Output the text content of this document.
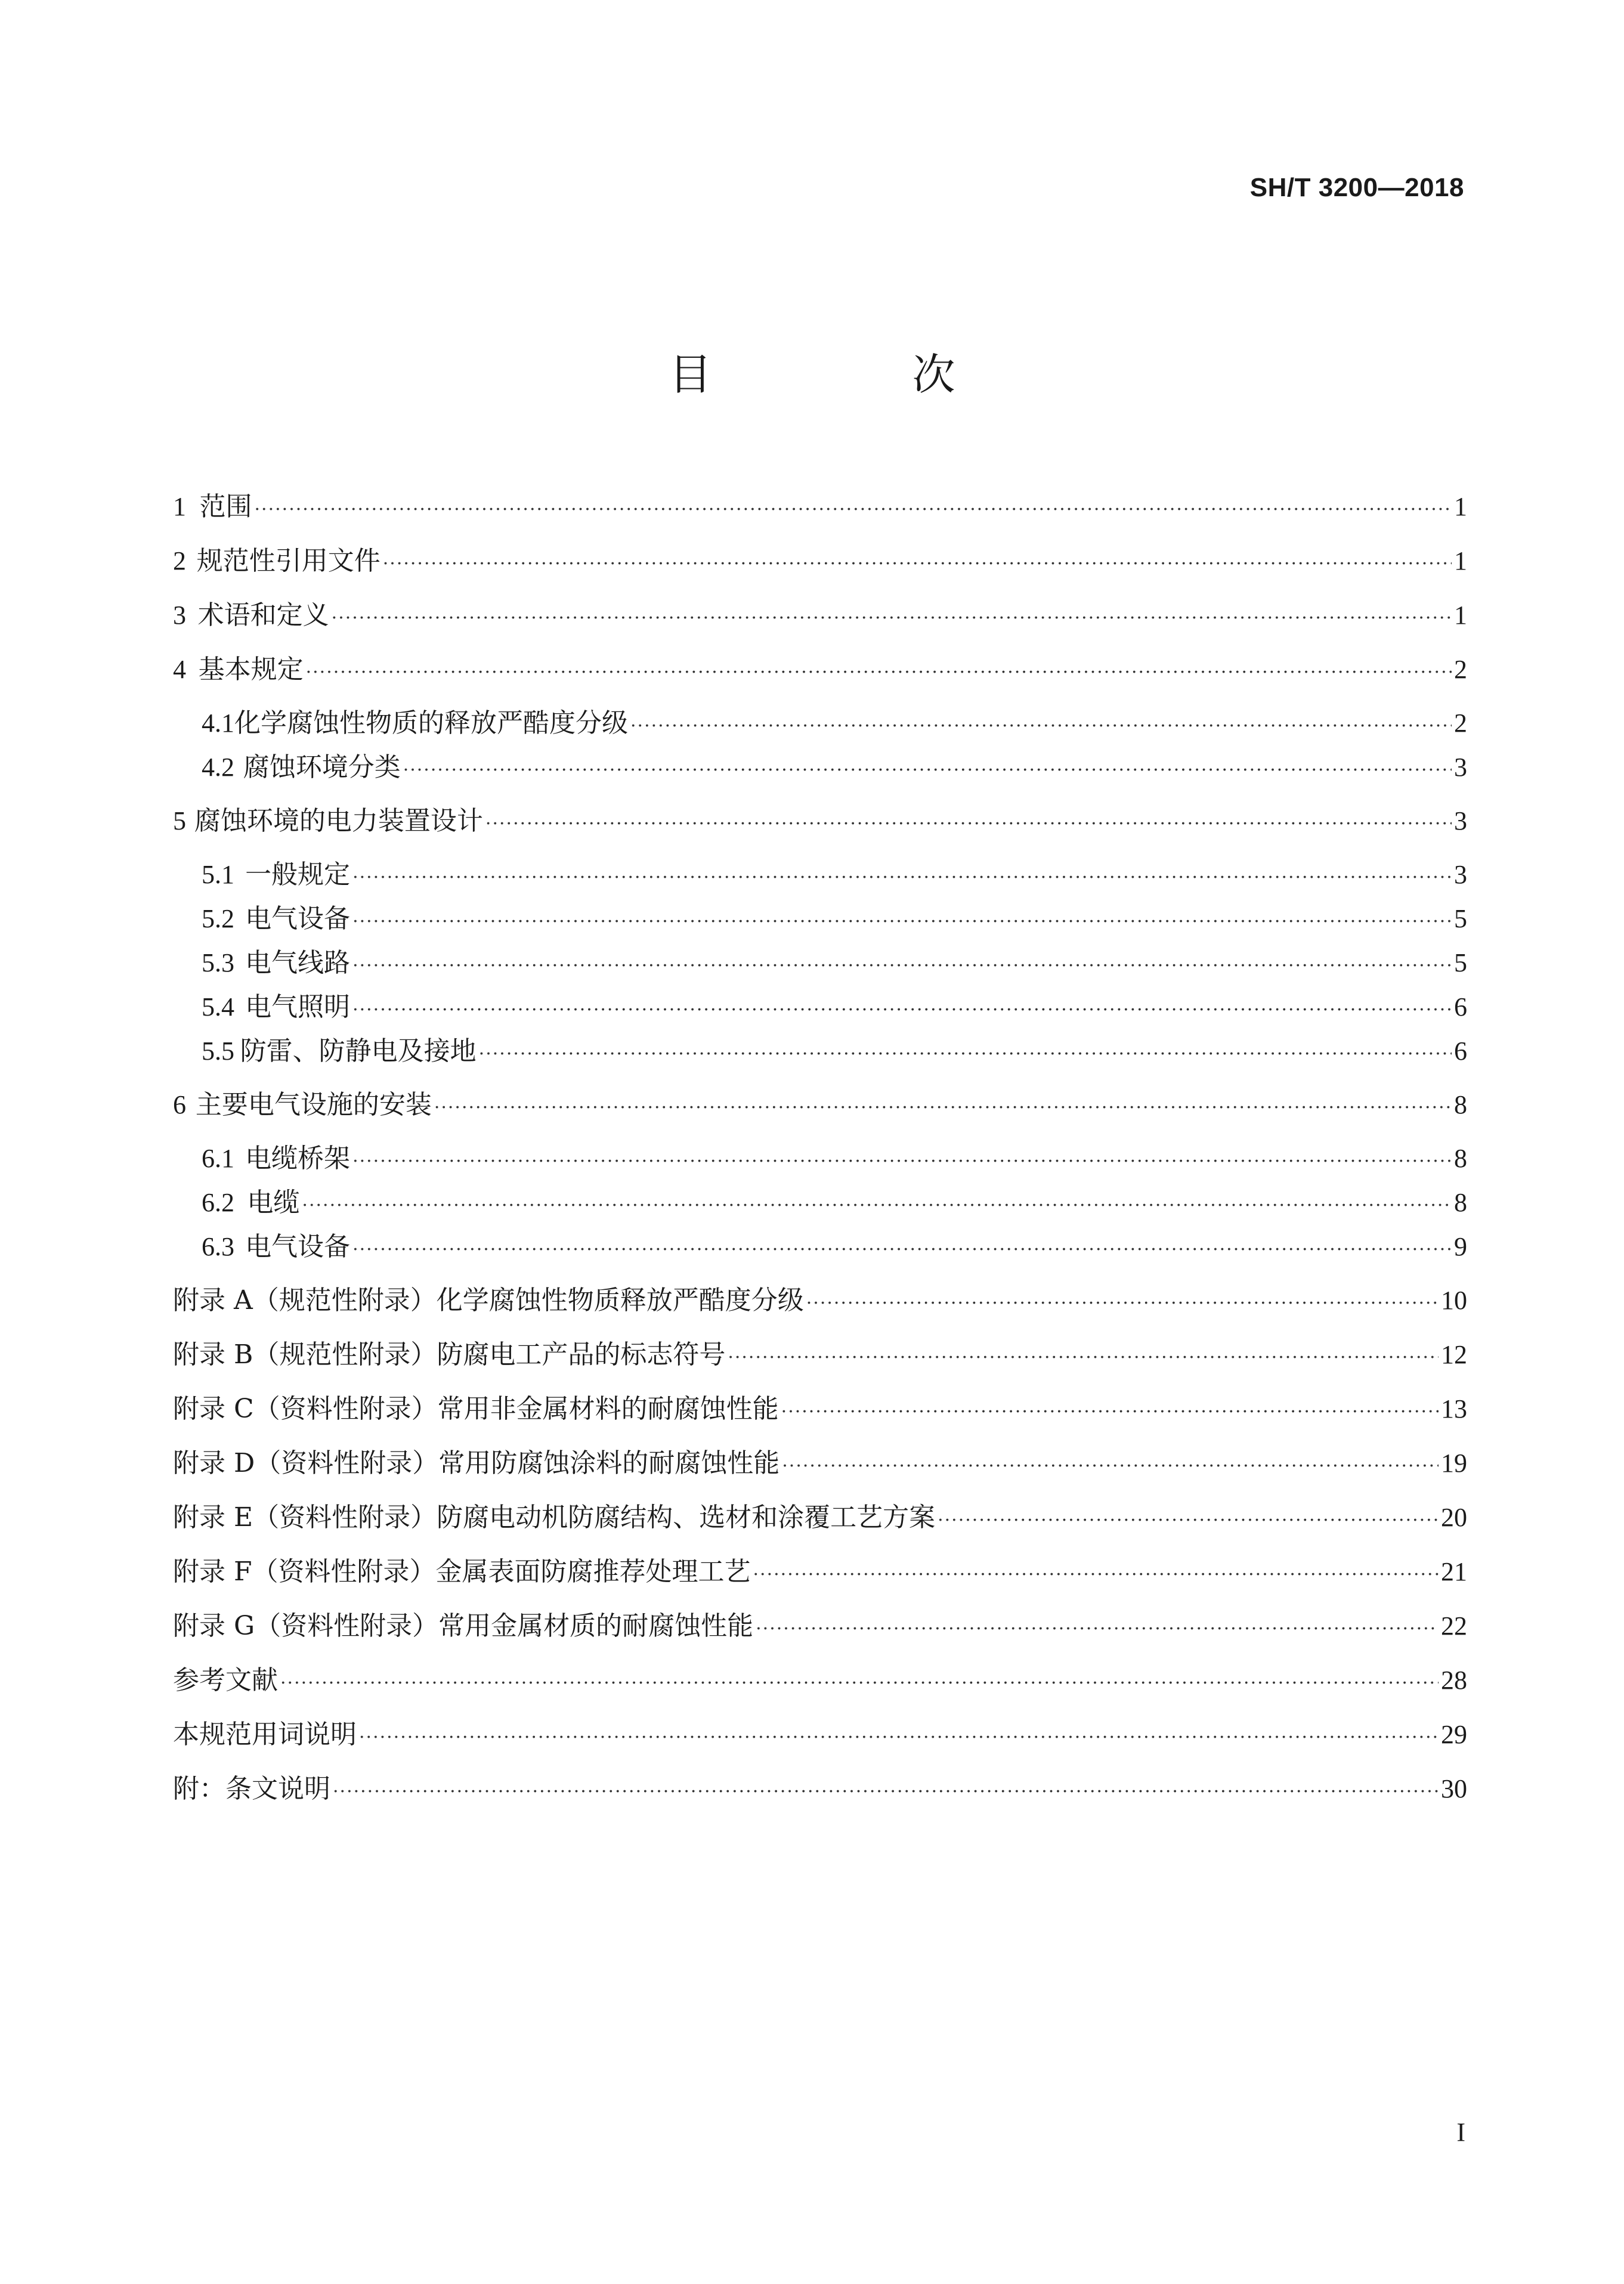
SH/T 3200—2018
目　次
1 范围 ·····	1
2 规范性引用文件 ·····	1
3 术语和定义 ·····	1
4 基本规定 ·····	2
4.1 化学腐蚀性物质的释放严酷度分级 ·····	2
4.2 腐蚀环境分类 ·····	3
5 腐蚀环境的电力装置设计 ·····	3
5.1 一般规定 ·····	3
5.2 电气设备 ·····	5
5.3 电气线路 ·····	5
5.4 电气照明 ·····	6
5.5 防雷、防静电及接地 ·····	6
6 主要电气设施的安装 ·····	8
6.1 电缆桥架 ·····	8
6.2 电缆 ·····	8
6.3 电气设备 ·····	9
附录 A（规范性附录） 化学腐蚀性物质释放严酷度分级 ·····	10
附录 B（规范性附录） 防腐电工产品的标志符号 ·····	12
附录 C（资料性附录） 常用非金属材料的耐腐蚀性能 ·····	13
附录 D（资料性附录） 常用防腐蚀涂料的耐腐蚀性能 ·····	19
附录 E（资料性附录） 防腐电动机防腐结构、选材和涂覆工艺方案 ·····	20
附录 F（资料性附录） 金属表面防腐推荐处理工艺 ·····	21
附录 G（资料性附录） 常用金属材质的耐腐蚀性能 ·····	22
参考文献 ·····	28
本规范用词说明 ·····	29
附：条文说明 ·····	30
I
